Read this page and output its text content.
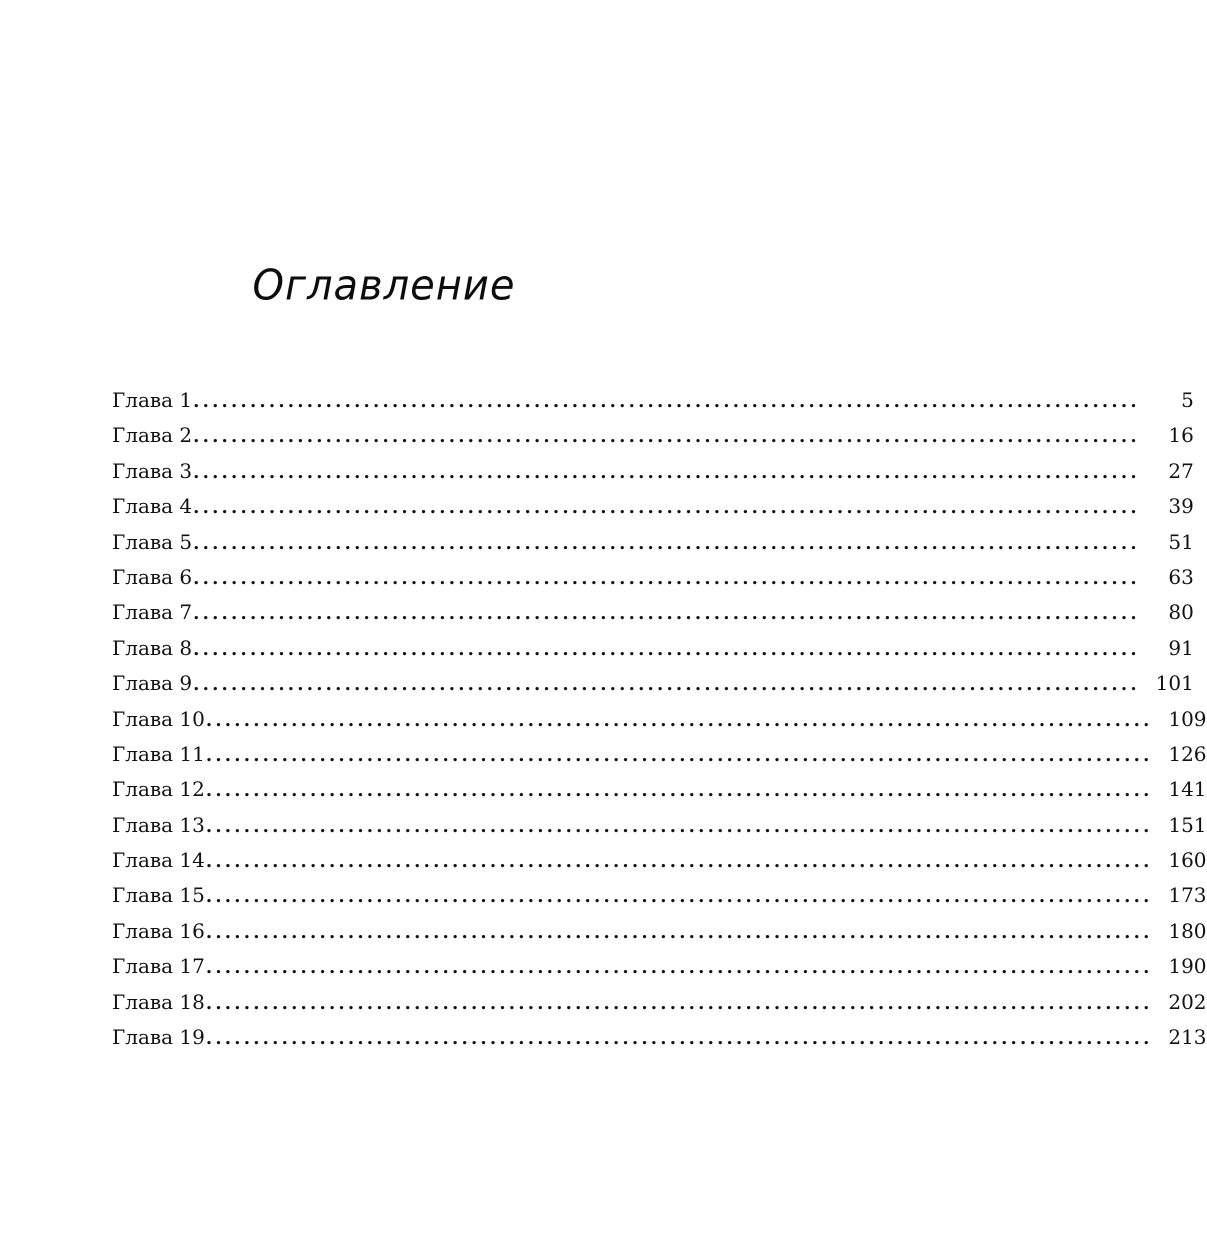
Оглавление
Глава 1 ....................................................................................................	5
Глава 2 ....................................................................................................	16
Глава 3 ....................................................................................................	27
Глава 4 ....................................................................................................	39
Глава 5 ....................................................................................................	51
Глава 6 ....................................................................................................	63
Глава 7 ....................................................................................................	80
Глава 8 ....................................................................................................	91
Глава 9 .................................................................................................... 101
Глава 10 .................................................................................................... 109
Глава 11 .................................................................................................... 126
Глава 12 .................................................................................................... 141
Глава 13 .................................................................................................... 151
Глава 14 .................................................................................................... 160
Глава 15 .................................................................................................... 173
Глава 16 .................................................................................................... 180
Глава 17 .................................................................................................... 190
Глава 18 .................................................................................................... 202
Глава 19 .................................................................................................... 213
